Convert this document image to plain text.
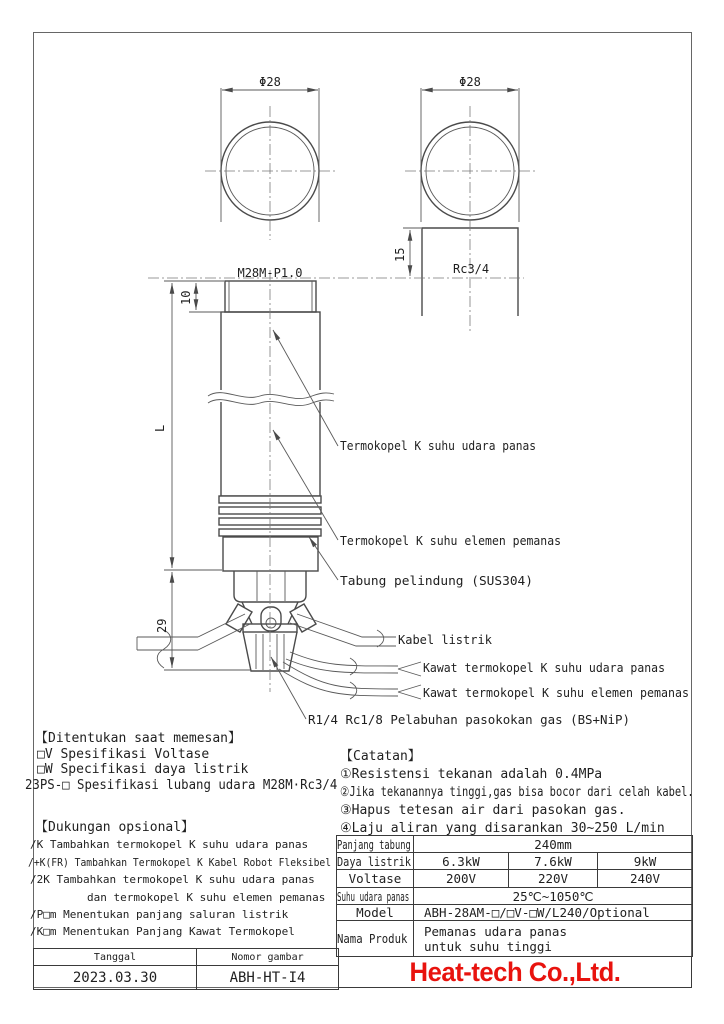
Φ28	Φ28
15
10
L
29
M28M-P1.0	Rc3/4
Termokopel K suhu udara panas
Termokopel K suhu elemen pemanas
Tabung pelindung (SUS304)
Kabel listrik
Kawat termokopel K suhu udara panas
Kawat termokopel K suhu elemen pemanas
R1/4 Rc1/8 Pelabuhan pasokokan gas (BS+NiP)
【Ditentukan saat memesan】
□V Spesifikasi Voltase
□W Specifikasi daya listrik
23PS-□ Spesifikasi lubang udara M28M·Rc3/4
【Dukungan opsional】
/K Tambahkan termokopel K suhu udara panas
/+K(FR) Tambahkan Termokopel K Kabel Robot Fleksibel
/2K Tambahkan termokopel K suhu udara panas
dan termokopel K suhu elemen pemanas
/P□m Menentukan panjang saluran listrik
/K□m Menentukan Panjang Kawat Termokopel
【Catatan】
①Resistensi tekanan adalah 0.4MPa
②Jika tekanannya tinggi,gas bisa bocor dari celah kabel.
③Hapus tetesan air dari pasokan gas.
④Laju aliran yang disarankan 30~250 L/min
Panjang tabung	240mm		
Daya listrik	6.3kW	7.6kW	9kW
Voltase	200V	220V	240V
Suhu udara panas	25℃~1050℃		
Model	ABH-28AM-□/□V-□W/L240/Optional		
Nama Produk	Pemanas udara panas
untuk suhu tinggi		
Tanggal	Nomor gambar
2023.03.30	ABH-HT-I4	Heat-tech Co.,Ltd.
